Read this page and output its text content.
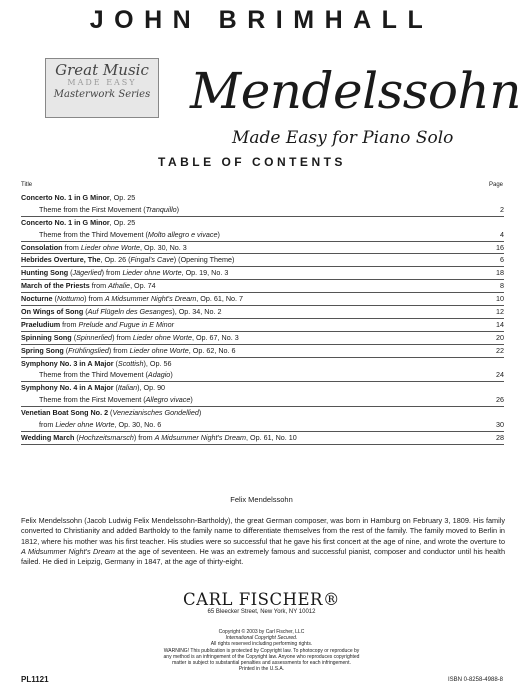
JOHN BRIMHALL
Great Music
MADE EASY
Masterwork Series Mendelssohn
Made Easy for Piano Solo
TABLE OF CONTENTS
Title	Page
Concerto No. 1 in G Minor, Op. 25
Theme from the First Movement (Tranquillo)	2
Concerto No. 1 in G Minor, Op. 25
Theme from the Third Movement (Molto allegro e vivace)	4
Consolation from Lieder ohne Worte, Op. 30, No. 3	16
Hebrides Overture, The, Op. 26 (Fingal's Cave) (Opening Theme)	6
Hunting Song (Jägerlied) from Lieder ohne Worte, Op. 19, No. 3	18
March of the Priests from Athalie, Op. 74	8
Nocturne (Nottumo) from A Midsummer Night's Dream, Op. 61, No. 7	10
On Wings of Song (Auf Flügeln des Gesanges), Op. 34, No. 2	12
Praeludium from Prelude and Fugue in E Minor	14
Spinning Song (Spinnerlied) from Lieder ohne Worte, Op. 67, No. 3	20
Spring Song (Frühlingslied) from Lieder ohne Worte, Op. 62, No. 6	22
Symphony No. 3 in A Major (Scottish), Op. 56
Theme from the Third Movement (Adagio)	24
Symphony No. 4 in A Major (Italian), Op. 90
Theme from the First Movement (Allegro vivace)	26
Venetian Boat Song No. 2 (Venezianisches Gondellied)
from Lieder ohne Worte, Op. 30, No. 6	30
Wedding March (Hochzeitsmarsch) from A Midsummer Night's Dream, Op. 61, No. 10	28
Felix Mendelssohn
Felix Mendelssohn (Jacob Ludwig Felix Mendelssohn-Bartholdy), the great German composer, was born in Hamburg on February 3, 1809. His family converted to Christianity and added Bartholdy to the family name to differentiate themselves from the rest of the family. The family moved to Berlin in 1812, where his mother was his first teacher. His studies were so successful that he gave his first concert at the age of nine, and wrote the overture to A Midsummer Night's Dream at the age of seventeen. He was an extremely famous and successful pianist, composer and conductor until his health failed. He died in Leipzig, Germany in 1847, at the age of thirty-eight.
CARL FISCHER®
65 Bleecker Street, New York, NY 10012
Copyright © 2003 by Carl Fischer, LLC
International Copyright Secured.
All rights reserved including performing rights.
WARNING! This publication is protected by Copyright law. To photocopy or reproduce by
any method is an infringement of the Copyright law. Anyone who reproduces copyrighted
matter is subject to substantial penalties and assessments for each infringement.
Printed in the U.S.A.
PL1121	ISBN 0-8258-4988-8
